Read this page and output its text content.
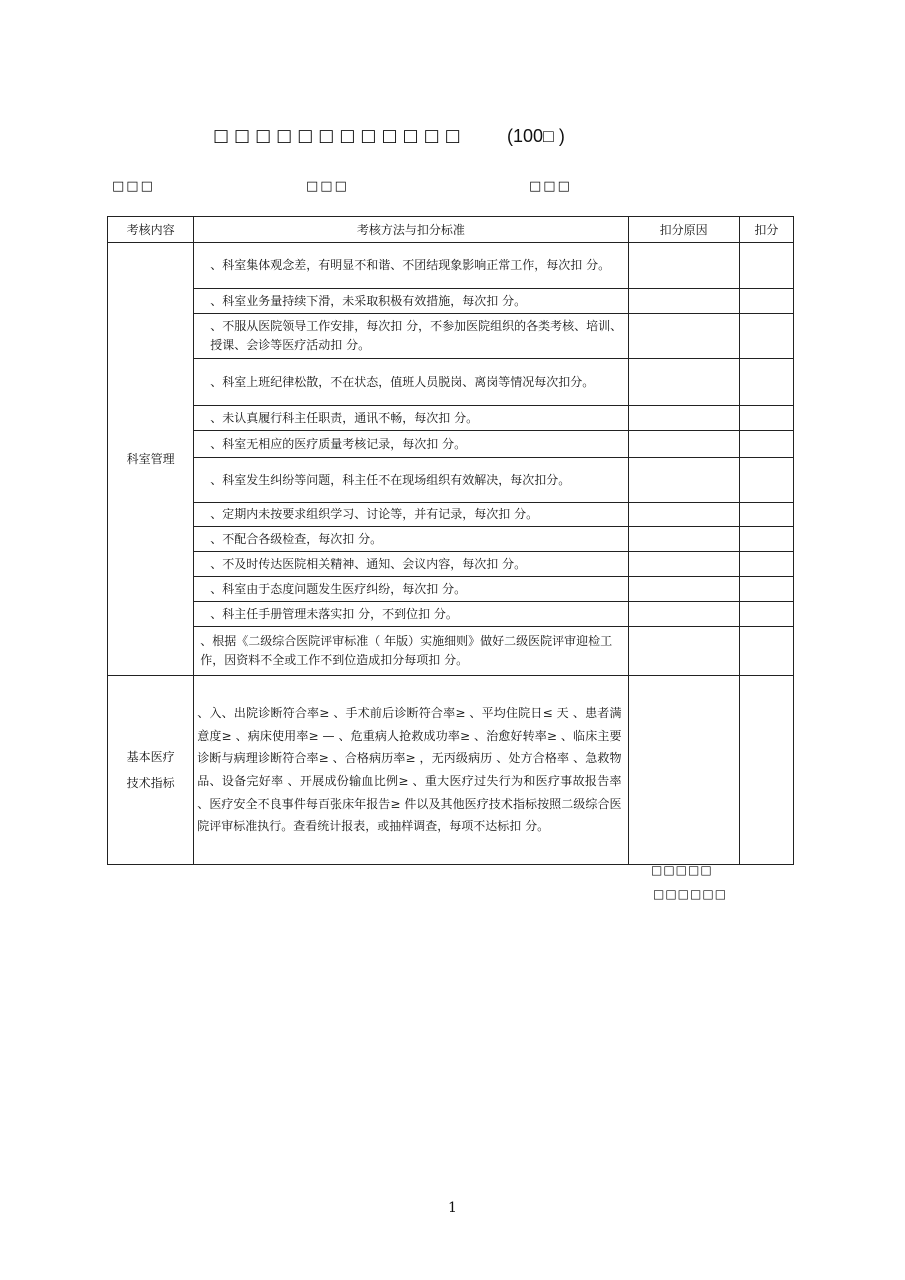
□□□□□□□□□□□□ (100□ )
□□□	□□□	□□□
考核内容	考核方法与扣分标准	扣分原因	扣分
科室管理	、科室集体观念差，有明显不和谐、不团结现象影响正常工作，每次扣 分。		

	、科室业务量持续下滑，未采取积极有效措施，每次扣 分。		

	、不服从医院领导工作安排，每次扣 分，不参加医院组织的各类考核、培训、授课、会诊等医疗活动扣 分。		

	、科室上班纪律松散，不在状态，值班人员脱岗、离岗等情况每次扣分。		

	、未认真履行科主任职责，通讯不畅，每次扣 分。		

	、科室无相应的医疗质量考核记录，每次扣 分。		

	、科室发生纠纷等问题，科主任不在现场组织有效解决，每次扣分。		

	、定期内未按要求组织学习、讨论等，并有记录，每次扣 分。		

	、不配合各级检查，每次扣 分。		

	、不及时传达医院相关精神、通知、会议内容，每次扣 分。		

	、科室由于态度问题发生医疗纠纷，每次扣 分。		

	、科主任手册管理未落实扣 分，不到位扣 分。		

	、根据《二级综合医院评审标准（ 年版）实施细则》做好二级医院评审迎检工作，因资料不全或工作不到位造成扣分每项扣 分。		

基本医疗
技术指标	、入、出院诊断符合率≥ 、手术前后诊断符合率≥ 、平均住院日≤ 天 、患者满意度≥ 、病床使用率≥ — 、危重病人抢救成功率≥ 、治愈好转率≥ 、临床主要诊断与病理诊断符合率≥ 、合格病历率≥ ，无丙级病历 、处方合格率 、急救物品、设备完好率 、开展成份输血比例≥ 、重大医疗过失行为和医疗事故报告率 、医疗安全不良事件每百张床年报告≥ 件以及其他医疗技术指标按照二级综合医院评审标准执行。查看统计报表，或抽样调查，每项不达标扣 分。		
□□□□□
□□□□□□
1
